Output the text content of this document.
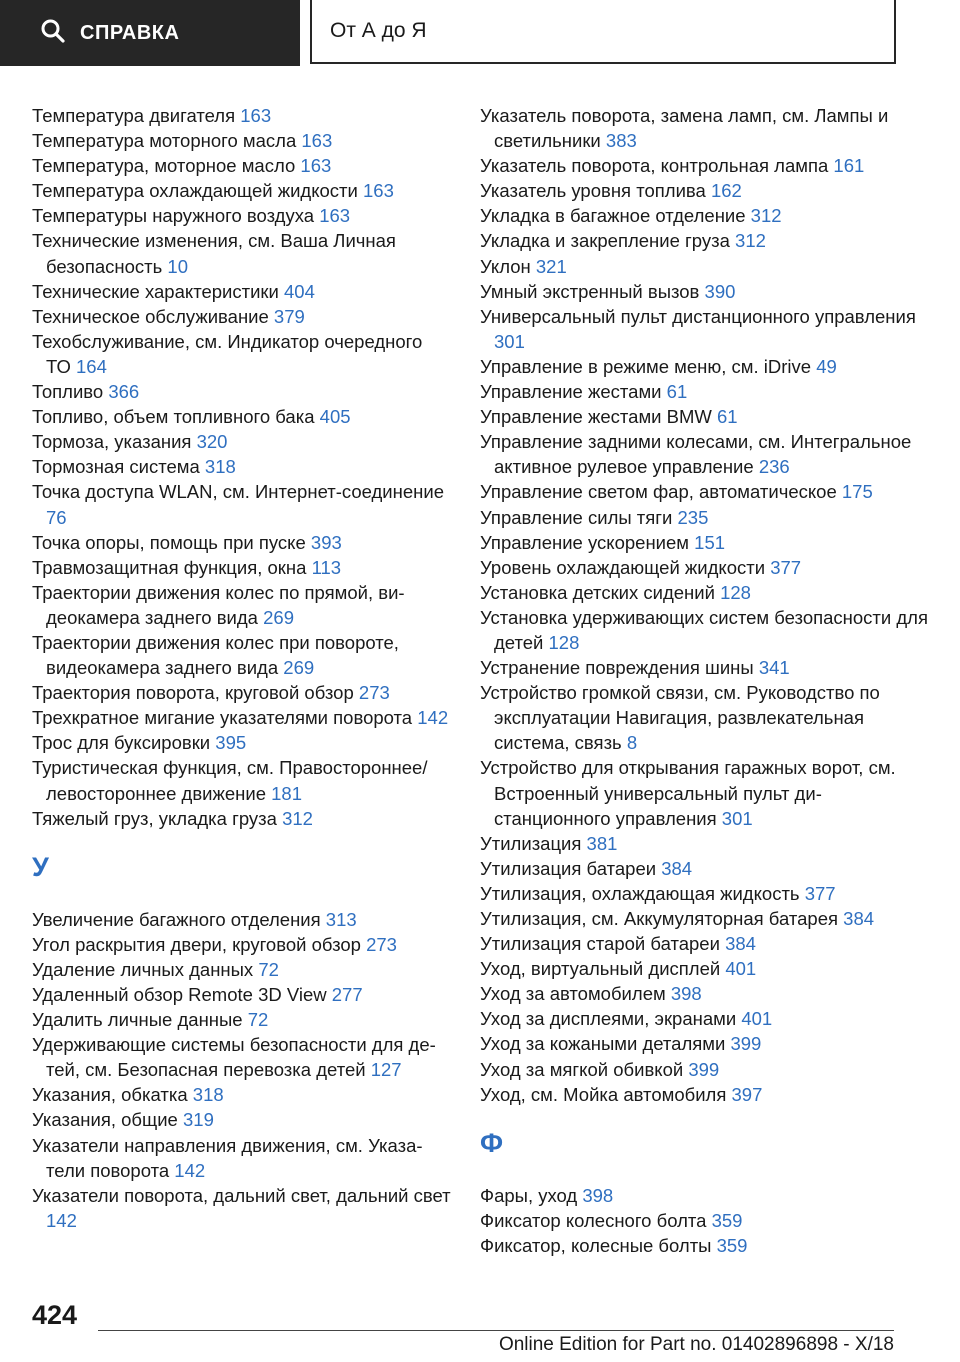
СПРАВКА	От А до Я
Температура двигателя 163
Температура моторного масла 163
Температура, моторное масло 163
Температура охлаждающей жидкости 163
Температуры наружного воздуха 163
Технические изменения, см. Ваша Личная безопасность 10
Технические характеристики 404
Техническое обслуживание 379
Техобслуживание, см. Индикатор очередного ТО 164
Топливо 366
Топливо, объем топливного бака 405
Тормоза, указания 320
Тормозная система 318
Точка доступа WLAN, см. Интернет-соединение 76
Точка опоры, помощь при пуске 393
Травмозащитная функция, окна 113
Траектории движения колес по прямой, видеокамера заднего вида 269
Траектории движения колес при повороте, видеокамера заднего вида 269
Траектория поворота, круговой обзор 273
Трехкратное мигание указателями поворота 142
Трос для буксировки 395
Туристическая функция, см. Правостороннее/ левостороннее движение 181
Тяжелый груз, укладка груза 312
У
Увеличение багажного отделения 313
Угол раскрытия двери, круговой обзор 273
Удаление личных данных 72
Удаленный обзор Remote 3D View 277
Удалить личные данные 72
Удерживающие системы безопасности для детей, см. Безопасная перевозка детей 127
Указания, обкатка 318
Указания, общие 319
Указатели направления движения, см. Указатели поворота 142
Указатели поворота, дальний свет, дальний свет 142
Указатель поворота, замена ламп, см. Лампы и светильники 383
Указатель поворота, контрольная лампа 161
Указатель уровня топлива 162
Укладка в багажное отделение 312
Укладка и закрепление груза 312
Уклон 321
Умный экстренный вызов 390
Универсальный пульт дистанционного управления 301
Управление в режиме меню, см. iDrive 49
Управление жестами 61
Управление жестами BMW 61
Управление задними колесами, см. Интегральное активное рулевое управление 236
Управление светом фар, автоматическое 175
Управление силы тяги 235
Управление ускорением 151
Уровень охлаждающей жидкости 377
Установка детских сидений 128
Установка удерживающих систем безопасности для детей 128
Устранение повреждения шины 341
Устройство громкой связи, см. Руководство по эксплуатации Навигация, развлекательная система, связь 8
Устройство для открывания гаражных ворот, см. Встроенный универсальный пульт дистанционного управления 301
Утилизация 381
Утилизация батареи 384
Утилизация, охлаждающая жидкость 377
Утилизация, см. Аккумуляторная батарея 384
Утилизация старой батареи 384
Уход, виртуальный дисплей 401
Уход за автомобилем 398
Уход за дисплеями, экранами 401
Уход за кожаными деталями 399
Уход за мягкой обивкой 399
Уход, см. Мойка автомобиля 397
Ф
Фары, уход 398
Фиксатор колесного болта 359
Фиксатор, колесные болты 359
424
Online Edition for Part no. 01402896898 - X/18
